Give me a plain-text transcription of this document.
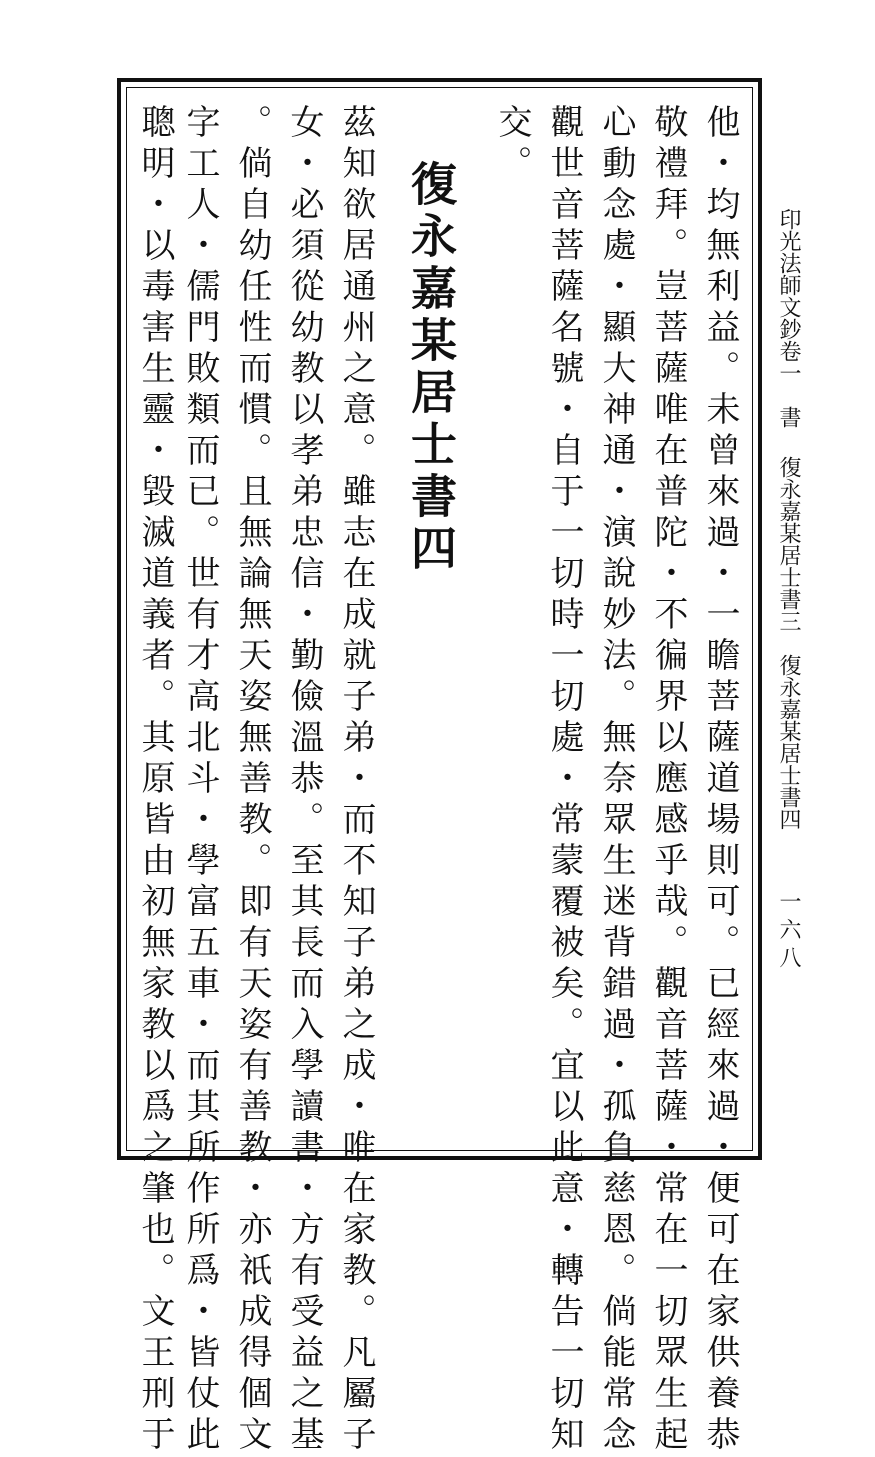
印光法師文鈔卷一書復永嘉某居士書三復永嘉某居士書四
一六八
他・均無利益。未曾來過・一瞻菩薩道場則可。已經來過・便可在家供養恭
敬禮拜。豈菩薩唯在普陀・不徧界以應感乎哉。觀音菩薩・常在一切眾生起
心動念處・顯大神通・演說妙法。無奈眾生迷背錯過・孤負慈恩。倘能常念
觀世音菩薩名號・自于一切時一切處・常蒙覆被矣。宜以此意・轉告一切知
交。
復永嘉某居士書四
茲知欲居通州之意。雖志在成就子弟・而不知子弟之成・唯在家教。凡屬子
女・必須從幼教以孝弟忠信・勤儉溫恭。至其長而入學讀書・方有受益之基
。倘自幼任性而慣。且無論無天姿無善教。即有天姿有善教・亦祇成得個文
字工人・儒門敗類而已。世有才高北斗・學富五車・而其所作所爲・皆仗此
聰明・以毒害生靈・毀滅道義者。其原皆由初無家教以爲之肇也。文王刑于
